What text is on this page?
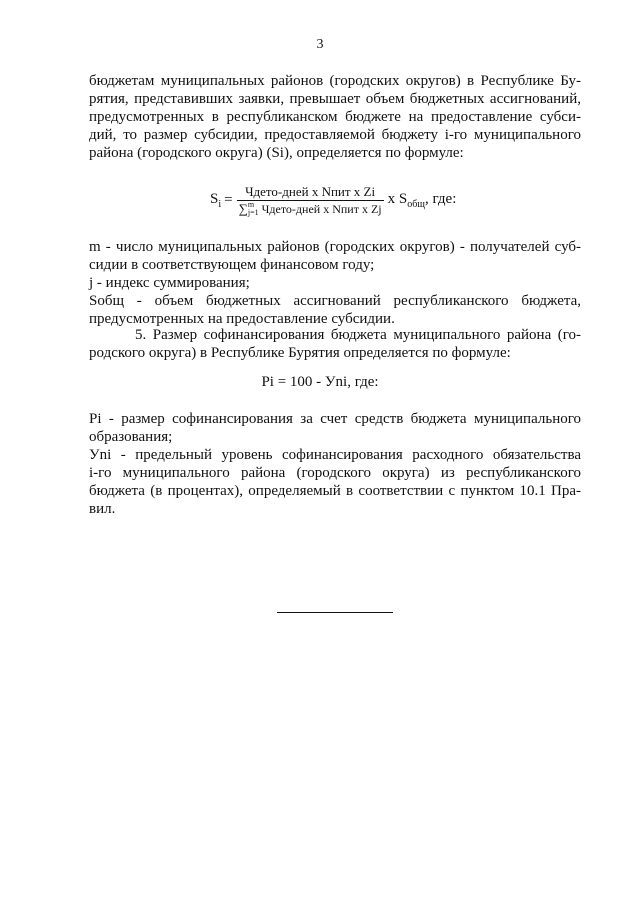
3

бюджетам муниципальных районов (городских округов) в Республике Бу-
рятия, представивших заявки, превышает объем бюджетных ассигнований,
предусмотренных в республиканском бюджете на предоставление субси-
дий, то размер субсидии, предоставляемой бюджету i-го муниципального
района (городского округа) (Si), определяется по формуле:

$S_i$ =
Чдето-дней x Nпит x Zi
∑ m
j=1 Чдето-дней x Nпит x Zj
x $S_{общ}$, где:

m - число муниципальных районов (городских округов) - получателей суб-
сидии в соответствующем финансовом году;
j - индекс суммирования;
Sобщ - объем бюджетных ассигнований республиканского бюджета,
предусмотренных на предоставление субсидии.

5. Размер софинансирования бюджета муниципального района (го-
родского округа) в Республике Бурятия определяется по формуле:

Pi = 100 - Уni, где:

Pi - размер софинансирования за счет средств бюджета муниципального
образования;
Уni - предельный уровень софинансирования расходного обязательства
i-го муниципального района (городского округа) из республиканского
бюджета (в процентах), определяемый в соответствии с пунктом 10.1 Пра-
вил.
